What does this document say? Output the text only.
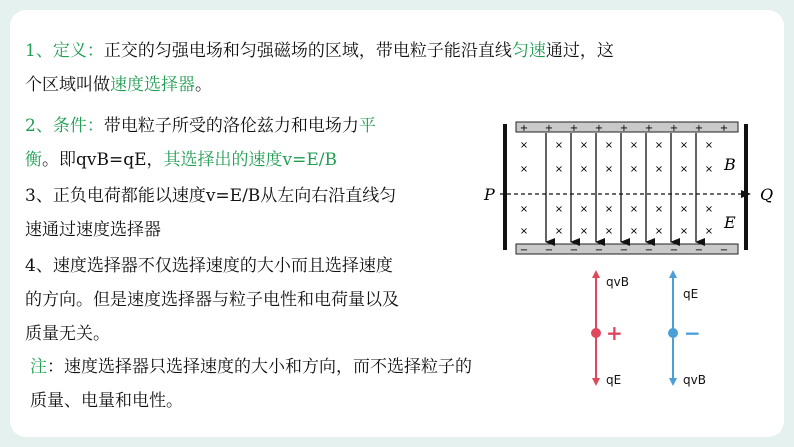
1、定义：正交的匀强电场和匀强磁场的区域，带电粒子能沿直线匀速通过，这
个区域叫做速度选择器。
2、条件：带电粒子所受的洛伦兹力和电场力平
衡。即qvB=qE，其选择出的速度v=E/B
3、正负电荷都能以速度v=E/B从左向右沿直线匀
速通过速度选择器
4、速度选择器不仅选择速度的大小而且选择速度
的方向。但是速度选择器与粒子电性和电荷量以及
质量无关。
注：速度选择器只选择速度的大小和方向，而不选择粒子的
质量、电量和电性。
+
−
+
−
+
−
+
−
+
−
+
−
+
−
+
−
+
−
×	× × × × × × ×
×	× × × × × × ×
×	× × × × × × ×
×	× × × × × × ×
P	Q
B
E
+
qvB
qE
−
qE
qvB
